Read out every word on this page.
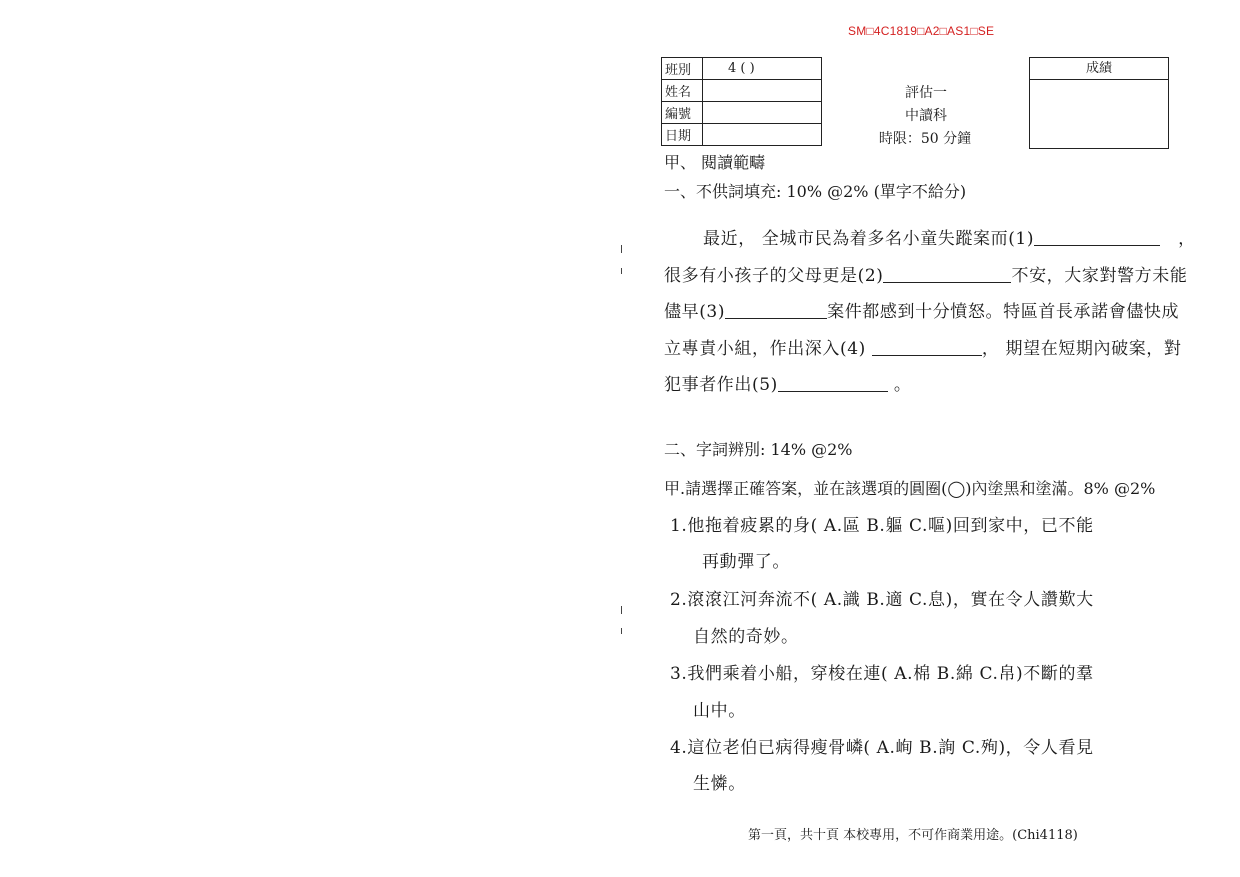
SM□4C1819□A2□AS1□SE
班別	4 ( )
姓名	
編號	
日期	
評估一
中讀科
時限：50 分鐘
成績
甲、 閱讀範疇
一、不供詞填充: 10% @2% (單字不給分)
最近， 全城市民為着多名小童失蹤案而(1)	，
很多有小孩子的父母更是(2)	不安，大家對警方未能
儘早(3)	案件都感到十分憤怒。特區首長承諾會儘快成
立專責小組，作出深入(4)	， 期望在短期內破案，對
犯事者作出(5)	。
二、字詞辨別: 14% @2%
甲.請選擇正確答案，並在該選項的圓圈(◯)內塗黑和塗滿。8% @2%
1.他拖着疲累的身( A.區 B.軀 C.嘔)回到家中，已不能
再動彈了。
2.滾滾江河奔流不( A.識 B.適 C.息)，實在令人讚歎大
自然的奇妙。
3.我們乘着小船，穿梭在連( A.棉 B.綿 C.帛)不斷的羣
山中。
4.這位老伯已病得瘦骨嶙( A.峋 B.詢 C.殉)，令人看見
生憐。
第一頁，共十頁 本校專用，不可作商業用途。(Chi4118)
